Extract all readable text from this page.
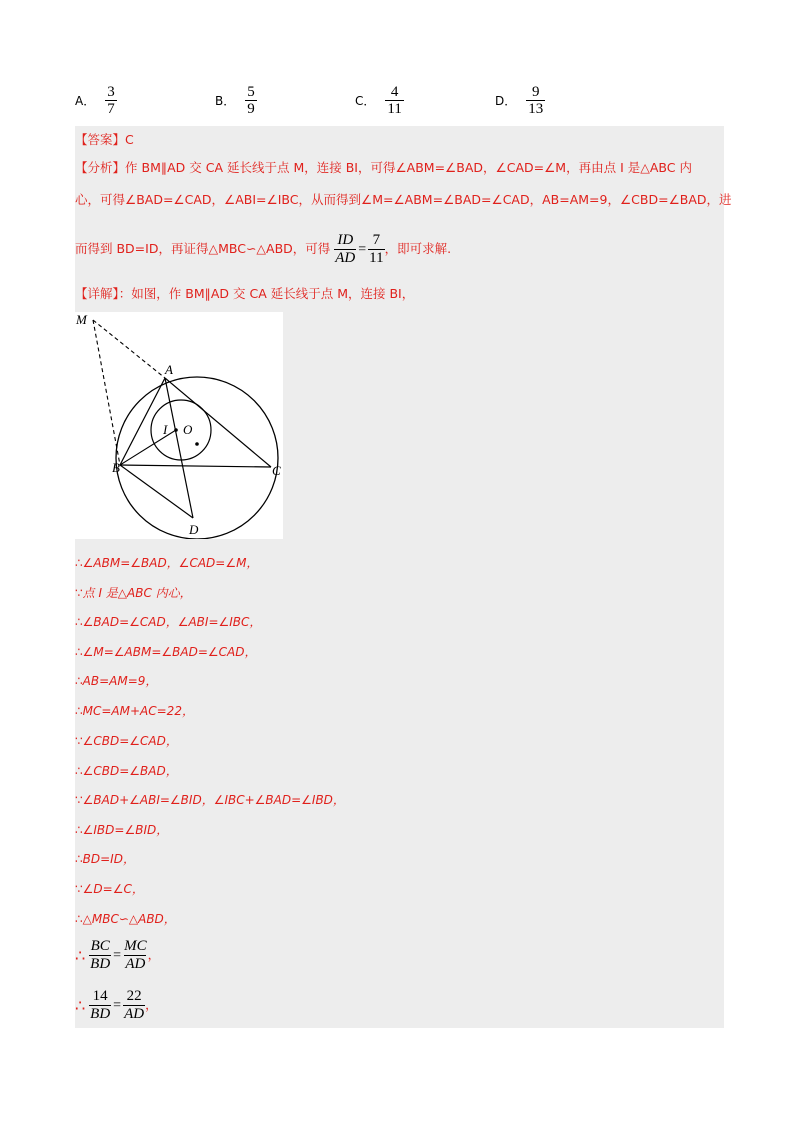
A． $\frac{3}{7}$	B． $\frac{5}{9}$	C． $\frac{4}{11}$	D． $\frac{9}{13}$
【答案】C
【分析】作 BM∥AD 交 CA 延长线于点 M，连接 BI，可得∠ABM=∠BAD，∠CAD=∠M，再由点 I 是△ABC 内
心，可得∠BAD=∠CAD，∠ABI=∠IBC，从而得到∠M=∠ABM=∠BAD=∠CAD，AB=AM=9，∠CBD=∠BAD，进
而得到 BD=ID，再证得△MBC∽△ABD，可得 $\frac{ID}{AD} = \frac{7}{11}$ ，即可求解.
【详解】：如图，作 BM∥AD 交 CA 延长线于点 M，连接 BI，
M
A
I O
B	C
D
∴∠ABM=∠BAD，∠CAD=∠M，
∵点 I 是△ABC 内心，
∴∠BAD=∠CAD，∠ABI=∠IBC，
∴∠M=∠ABM=∠BAD=∠CAD，
∴AB=AM=9，
∴MC=AM+AC=22，
∵∠CBD=∠CAD，
∴∠CBD=∠BAD，
∵∠BAD+∠ABI=∠BID，∠IBC+∠BAD=∠IBD，
∴∠IBD=∠BID，
∴BD=ID，
∵∠D=∠C，
∴△MBC∽△ABD，
∴ $\frac{BC}{BD} = \frac{MC}{AD}$ ，
∴ $\frac{14}{BD} = \frac{22}{AD}$ ，
